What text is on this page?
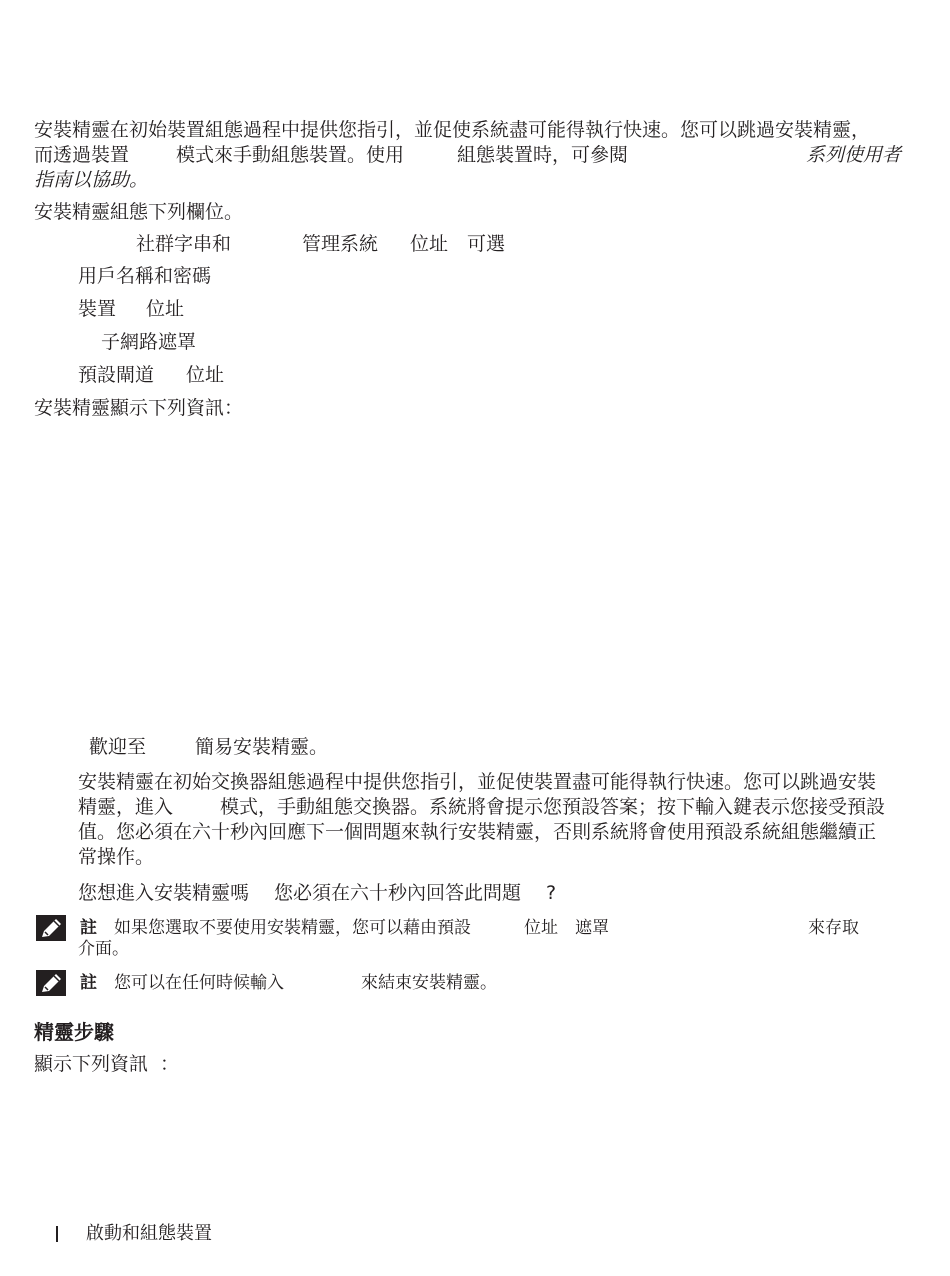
安裝精靈在初始裝置組態過程中提供您指引，並促使系統盡可能得執行快速。您可以跳過安裝精靈，
而透過裝置 模式來手動組態裝置。使用	組態裝置時，可參閱	系列使用者
指南以協助。
安裝精靈組態下列欄位。
社群字串和	管理系統 位址 可選
用戶名稱和密碼
裝置 位址
子網路遮罩
預設閘道 位址
安裝精靈顯示下列資訊：
歡迎至	簡易安裝精靈。
安裝精靈在初始交換器組態過程中提供您指引，並促使裝置盡可能得執行快速。您可以跳過安裝
精靈，進入 模式，手動組態交換器。系統將會提示您預設答案；按下輸入鍵表示您接受預設
值。您必須在六十秒內回應下一個問題來執行安裝精靈，否則系統將會使用預設系統組態繼續正
常操作。
您想進入安裝精靈嗎 您必須在六十秒內回答此問題 ?
註 如果您選取不要使用安裝精靈，您可以藉由預設	位址 遮罩	來存取
介面。
註 您可以在任何時候輸入	來結束安裝精靈。
精靈步驟
顯示下列資訊 ：
啟動和組態裝置
